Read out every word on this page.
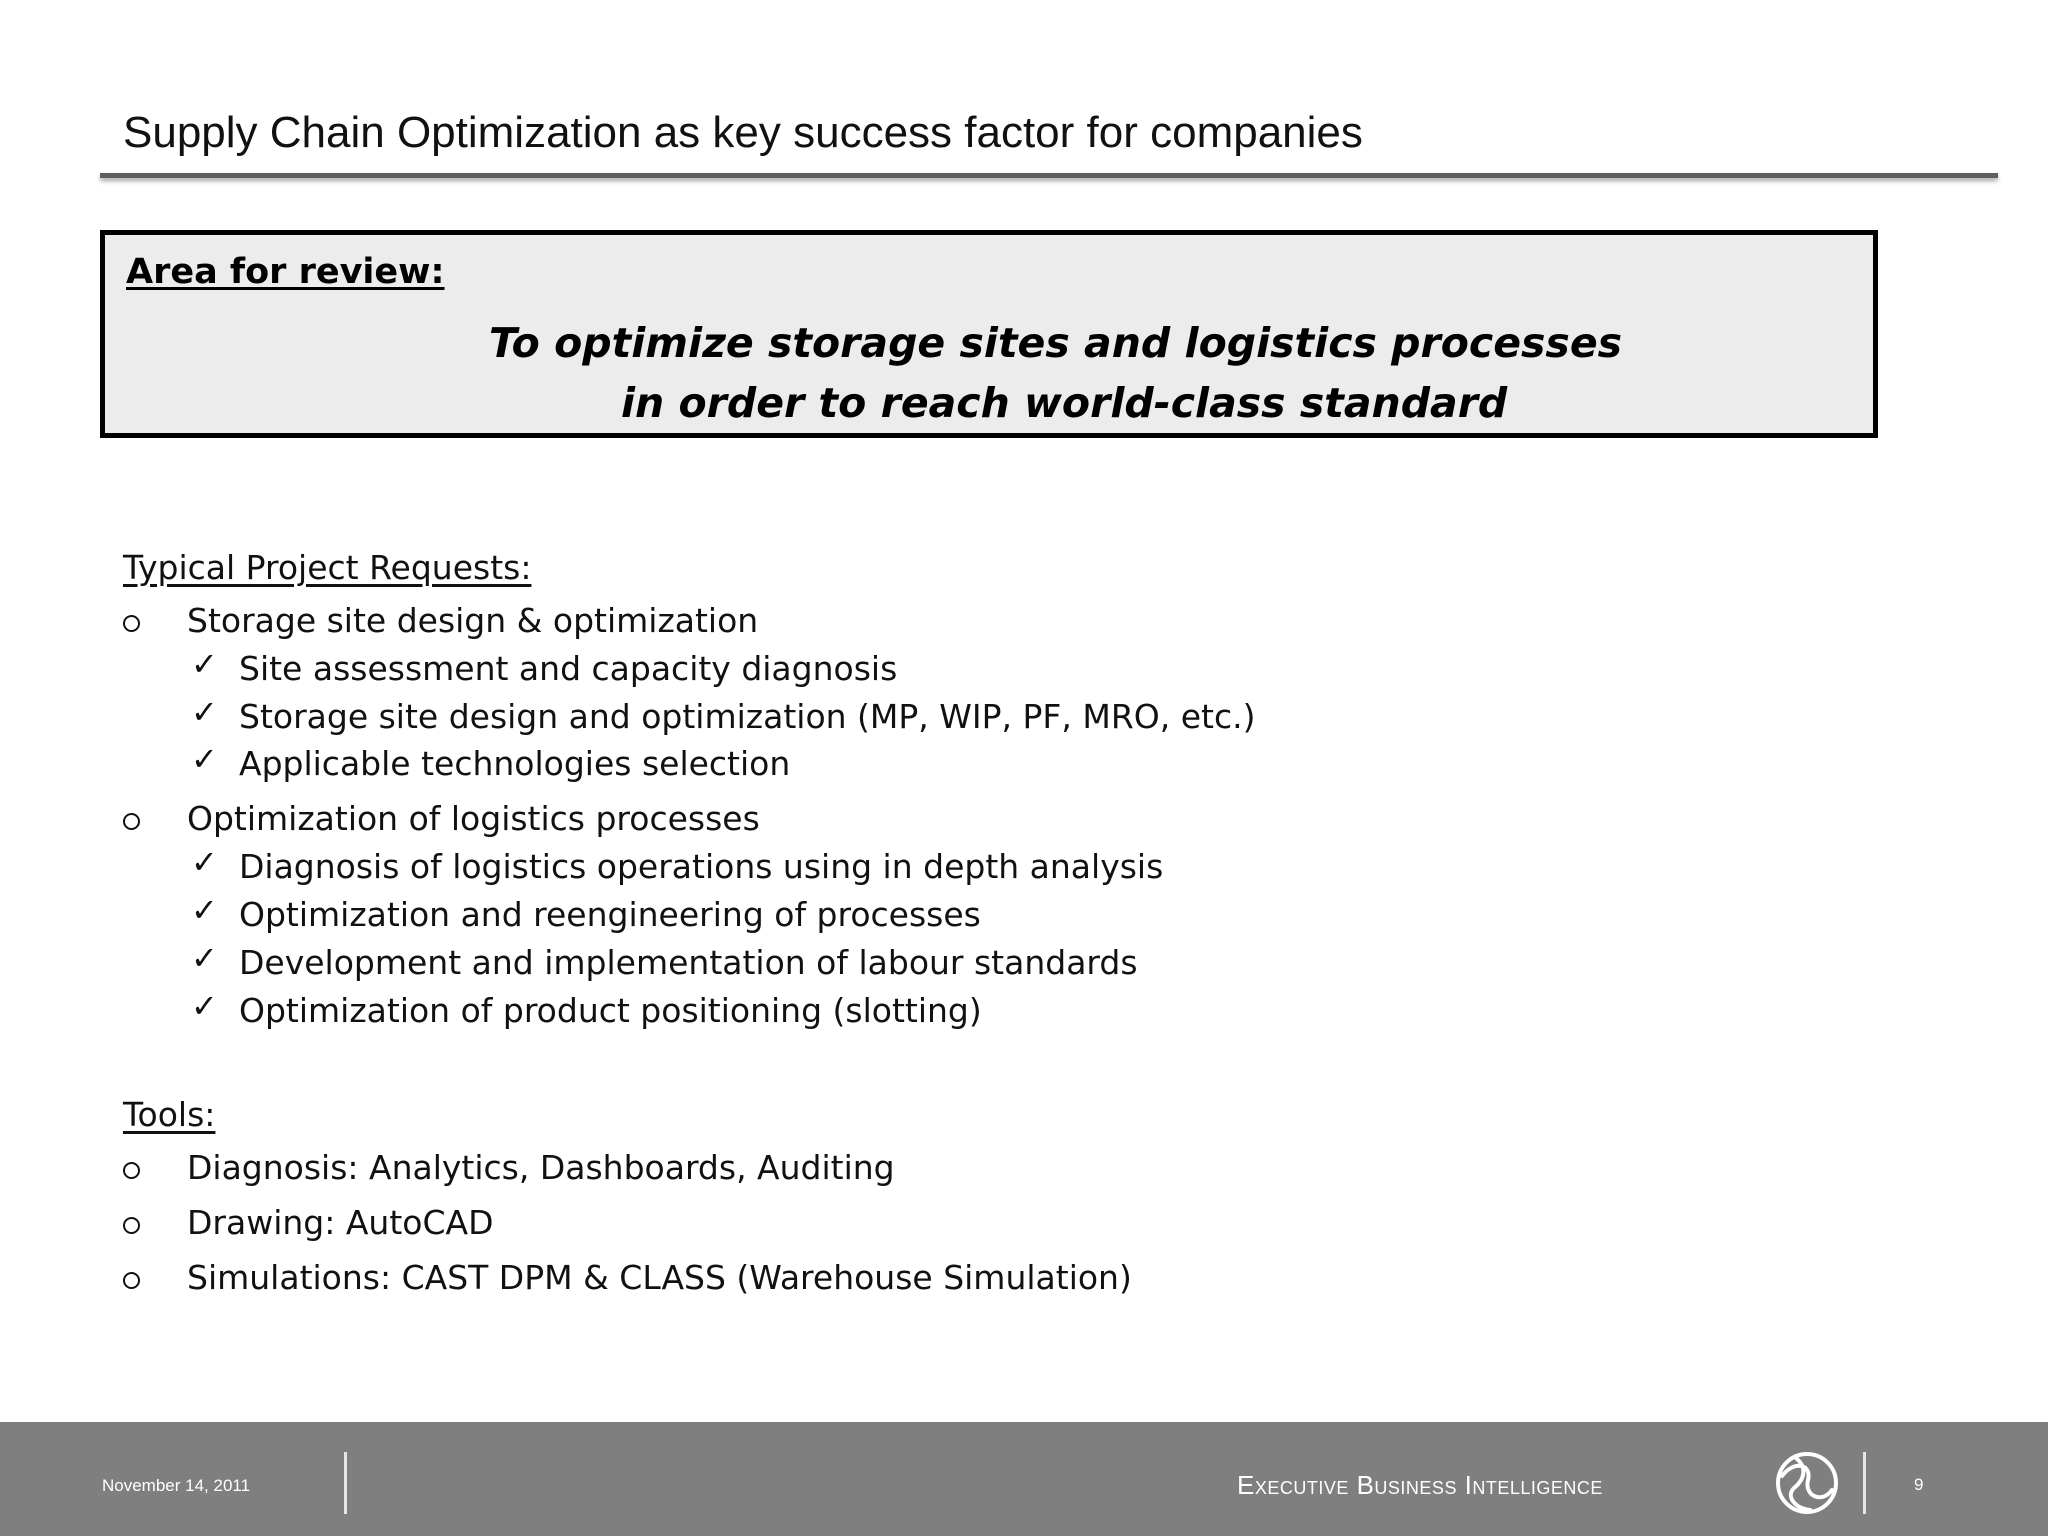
Supply Chain Optimization as key success factor for companies
Area for review:
To optimize storage sites and logistics processes
in order to reach world-class standard
Typical Project Requests:
Storage site design & optimization
✓ Site assessment and capacity diagnosis
✓ Storage site design and optimization (MP, WIP, PF, MRO, etc.)
✓ Applicable technologies selection
Optimization of logistics processes
✓ Diagnosis of logistics operations using in depth analysis
✓ Optimization and reengineering of processes
✓ Development and implementation of labour standards
✓ Optimization of product positioning (slotting)
Tools:
Diagnosis: Analytics, Dashboards, Auditing
Drawing: AutoCAD
Simulations: CAST DPM & CLASS (Warehouse Simulation)
November 14, 2011	Executive Business Intelligence	9
